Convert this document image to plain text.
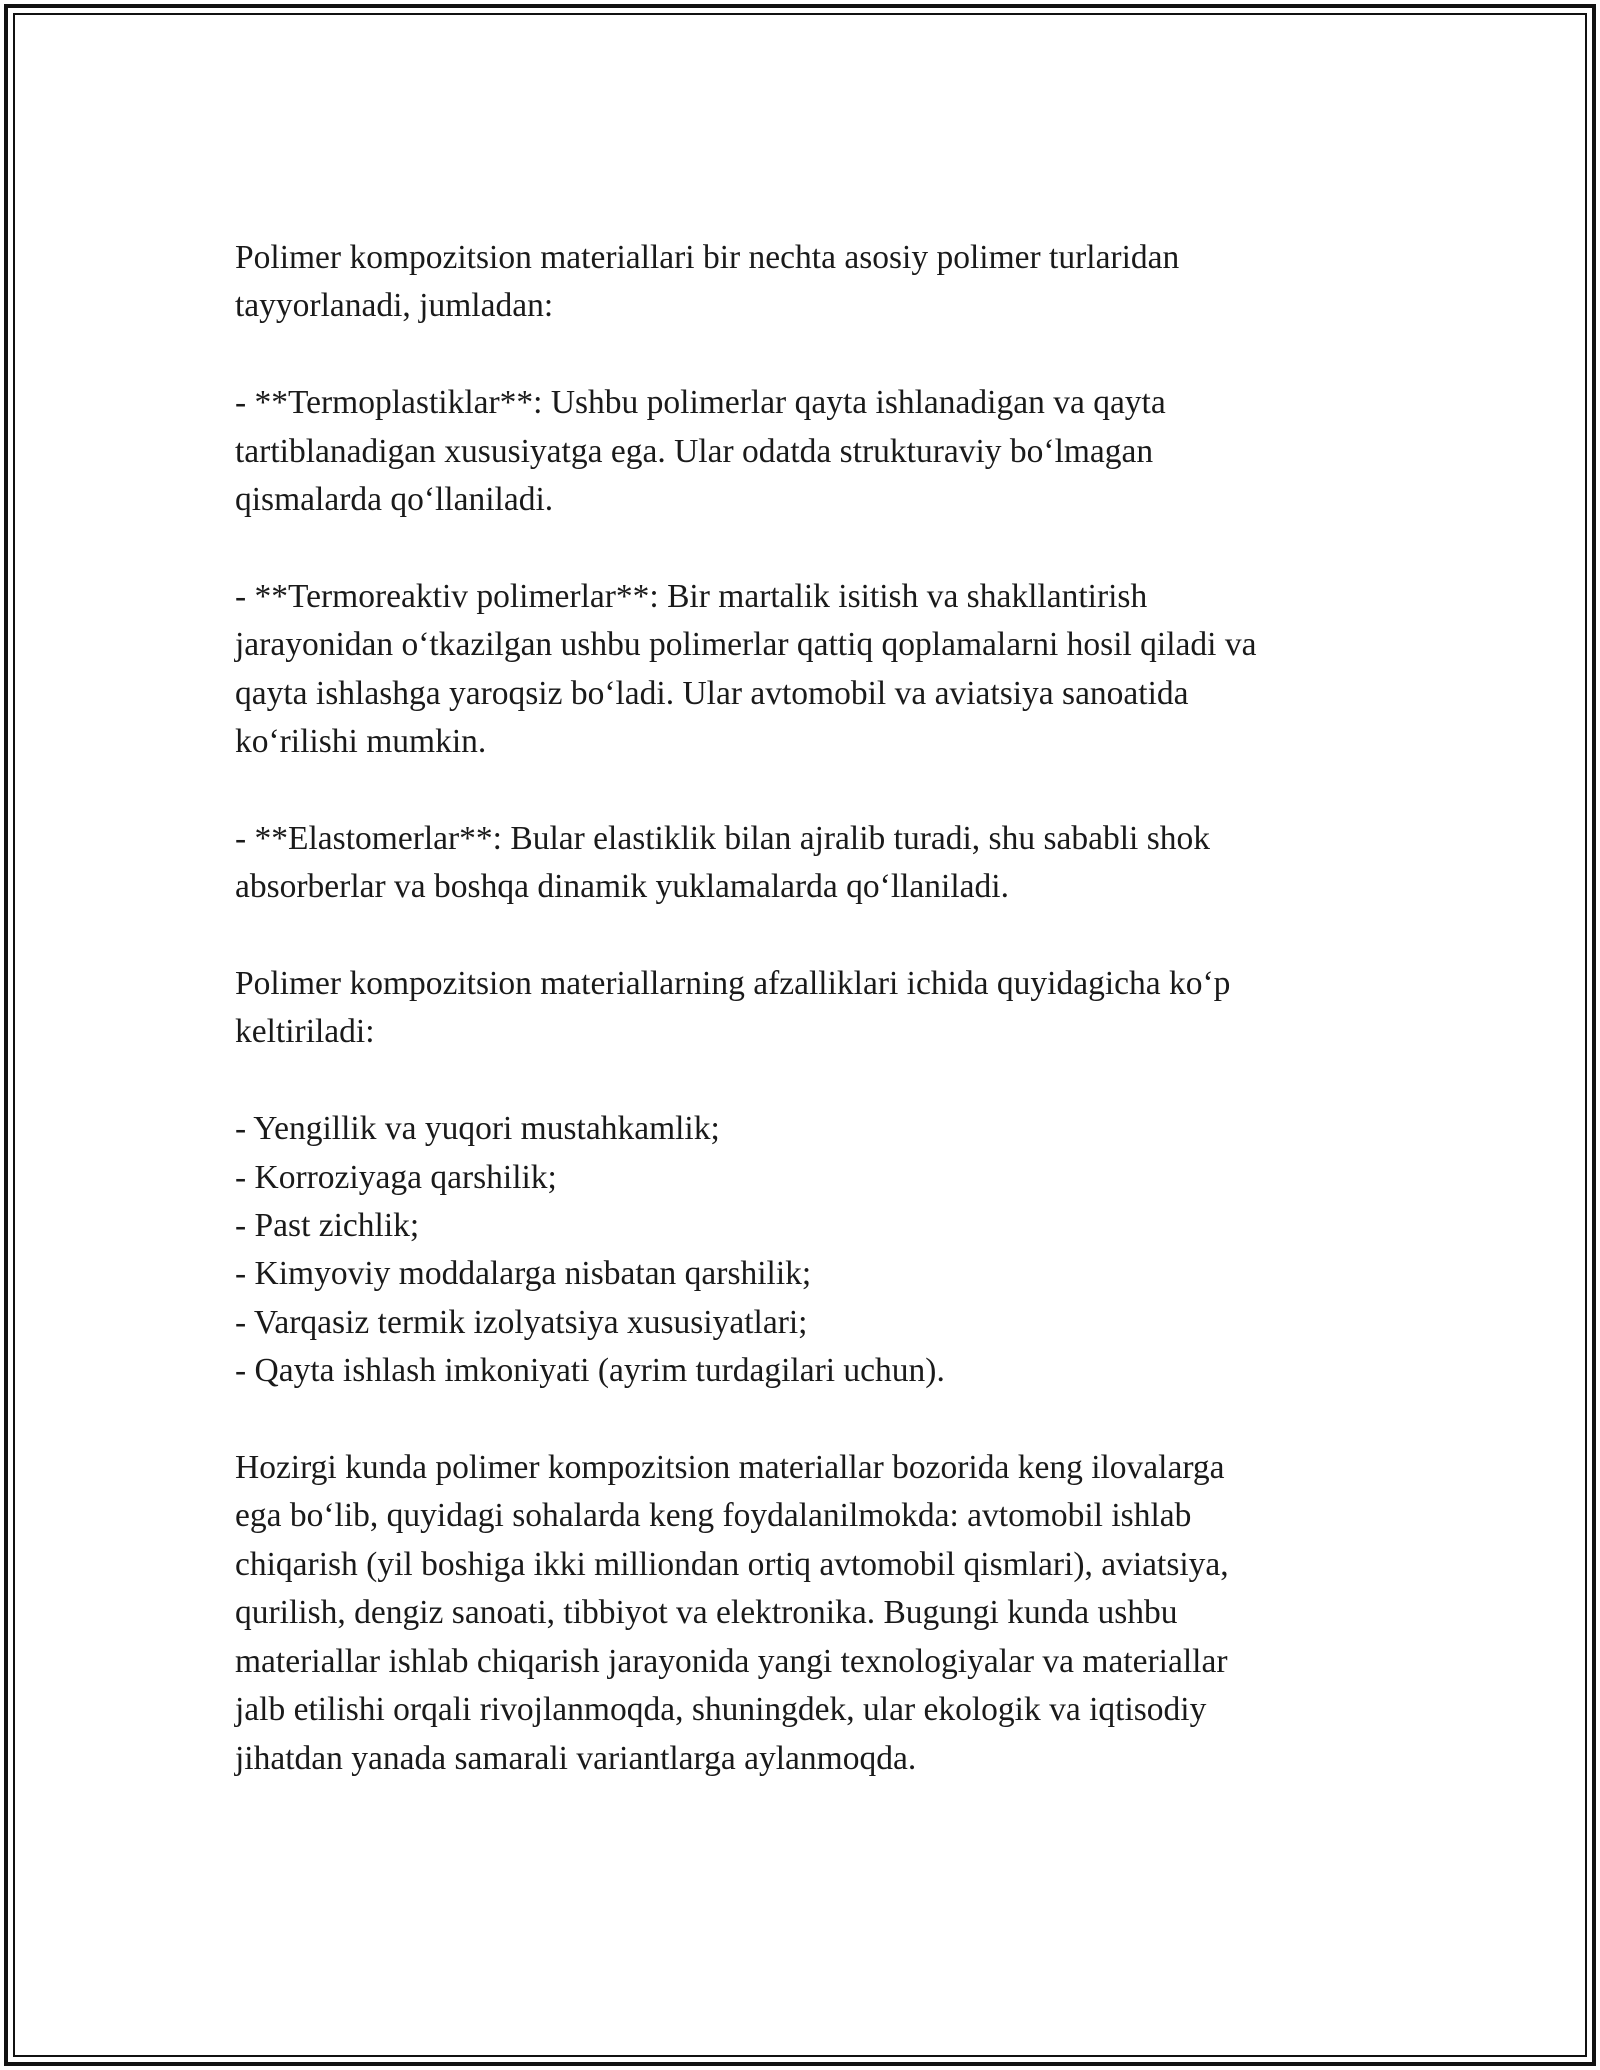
Polimer kompozitsion materiallari bir nechta asosiy polimer turlaridan
tayyorlanadi, jumladan:

- **Termoplastiklar**: Ushbu polimerlar qayta ishlanadigan va qayta
tartiblanadigan xususiyatga ega. Ular odatda strukturaviy bo‘lmagan
qismalarda qo‘llaniladi.

- **Termoreaktiv polimerlar**: Bir martalik isitish va shakllantirish
jarayonidan o‘tkazilgan ushbu polimerlar qattiq qoplamalarni hosil qiladi va
qayta ishlashga yaroqsiz bo‘ladi. Ular avtomobil va aviatsiya sanoatida
ko‘rilishi mumkin.

- **Elastomerlar**: Bular elastiklik bilan ajralib turadi, shu sababli shok
absorberlar va boshqa dinamik yuklamalarda qo‘llaniladi.

Polimer kompozitsion materiallarning afzalliklari ichida quyidagicha ko‘p
keltiriladi:

- Yengillik va yuqori mustahkamlik;
- Korroziyaga qarshilik;
- Past zichlik;
- Kimyoviy moddalarga nisbatan qarshilik;
- Varqasiz termik izolyatsiya xususiyatlari;
- Qayta ishlash imkoniyati (ayrim turdagilari uchun).

Hozirgi kunda polimer kompozitsion materiallar bozorida keng ilovalarga
ega bo‘lib, quyidagi sohalarda keng foydalanilmokda: avtomobil ishlab
chiqarish (yil boshiga ikki milliondan ortiq avtomobil qismlari), aviatsiya,
qurilish, dengiz sanoati, tibbiyot va elektronika. Bugungi kunda ushbu
materiallar ishlab chiqarish jarayonida yangi texnologiyalar va materiallar
jalb etilishi orqali rivojlanmoqda, shuningdek, ular ekologik va iqtisodiy
jihatdan yanada samarali variantlarga aylanmoqda.
